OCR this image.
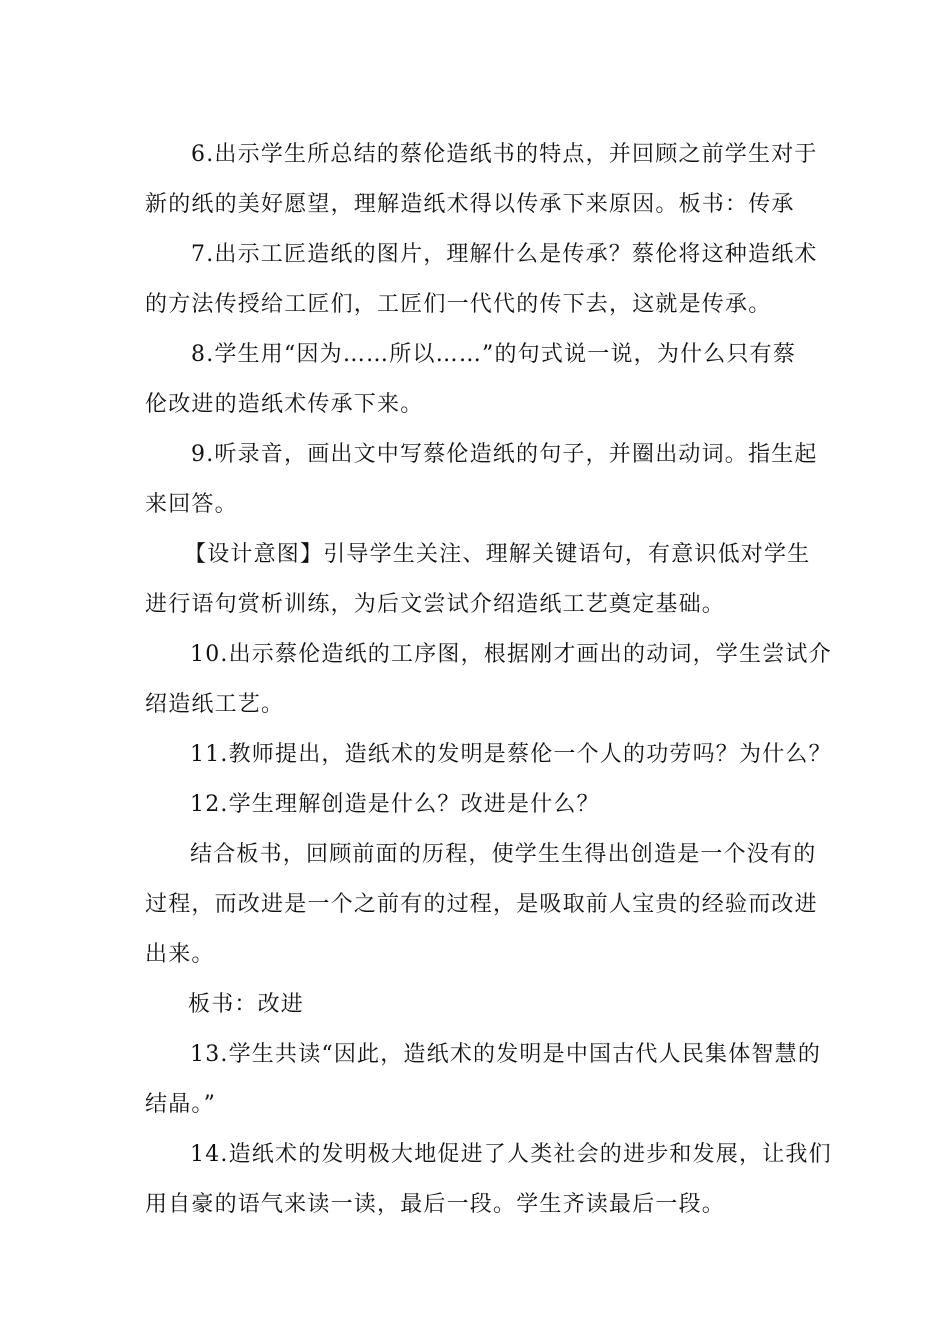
6.出示学生所总结的蔡伦造纸书的特点，并回顾之前学生对于
新的纸的美好愿望，理解造纸术得以传承下来原因。板书：传承
7.出示工匠造纸的图片，理解什么是传承？蔡伦将这种造纸术
的方法传授给工匠们，工匠们一代代的传下去，这就是传承。
8.学生用“因为……所以……”的句式说一说，为什么只有蔡
伦改进的造纸术传承下来。
9.听录音，画出文中写蔡伦造纸的句子，并圈出动词。指生起
来回答。
【设计意图】引导学生关注、理解关键语句，有意识低对学生
进行语句赏析训练，为后文尝试介绍造纸工艺奠定基础。
10.出示蔡伦造纸的工序图，根据刚才画出的动词，学生尝试介
绍造纸工艺。
11.教师提出，造纸术的发明是蔡伦一个人的功劳吗？为什么？
12.学生理解创造是什么？改进是什么？
结合板书，回顾前面的历程，使学生生得出创造是一个没有的
过程，而改进是一个之前有的过程，是吸取前人宝贵的经验而改进
出来。
板书：改进
13.学生共读“因此，造纸术的发明是中国古代人民集体智慧的
结晶。”
14.造纸术的发明极大地促进了人类社会的进步和发展，让我们
用自豪的语气来读一读，最后一段。学生齐读最后一段。
